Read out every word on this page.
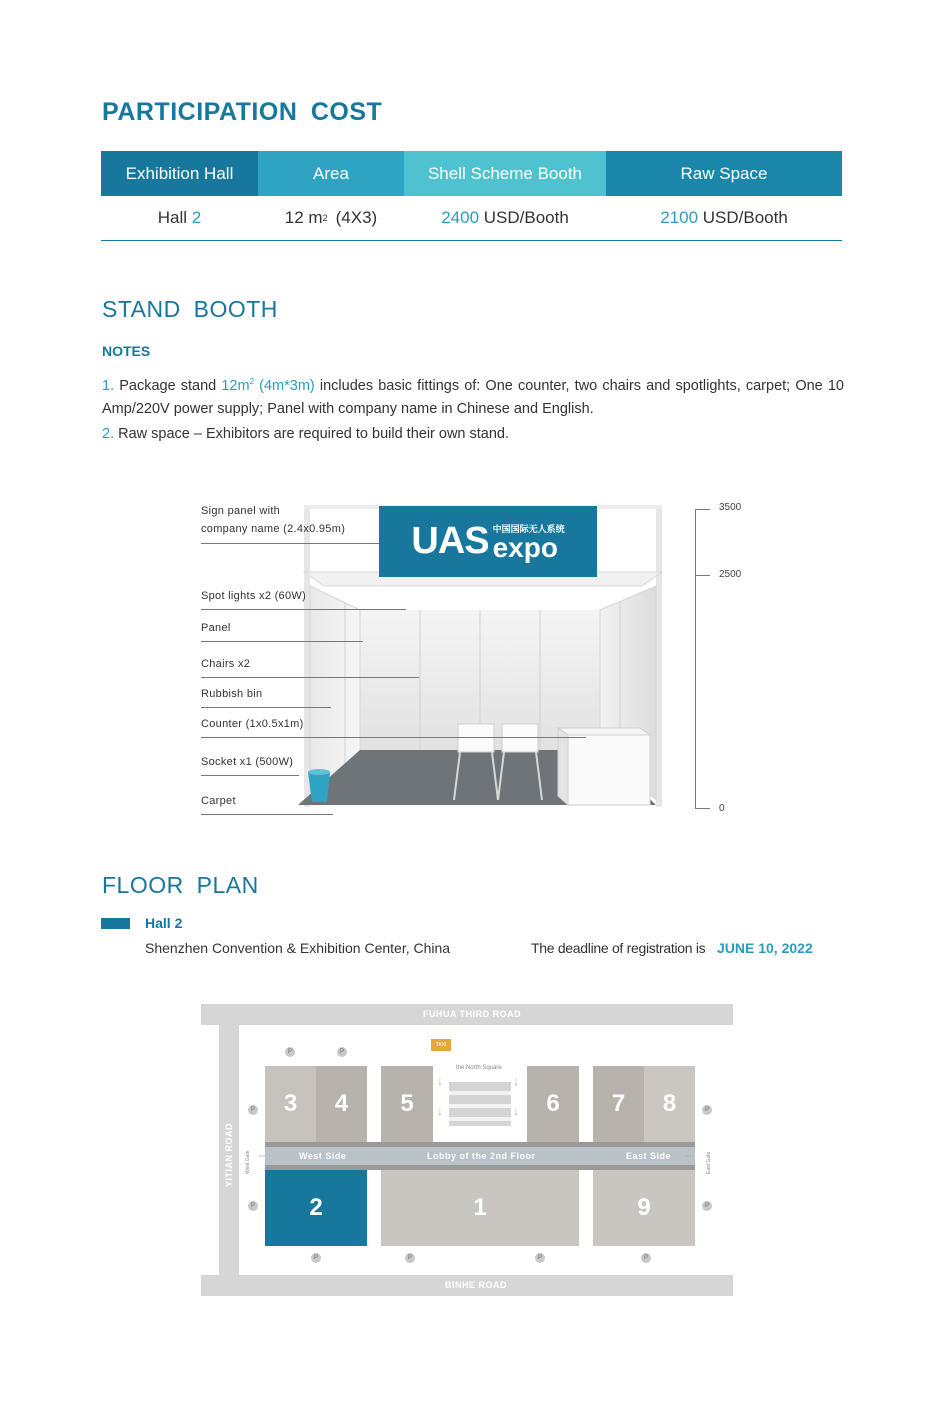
PARTICIPATION COST
Exhibition Hall	Area	Shell Scheme Booth	Raw Space
Hall 2	12 m 2 (4X3)	2400 USD/Booth	2100 USD/Booth
STAND BOOTH
NOTES
1. Package stand $12m^2$ (4m*3m) includes basic fittings of: One counter, two chairs and spotlights, carpet; One 10 Amp/220V power supply; Panel with company name in Chinese and English.
2. Raw space – Exhibitors are required to build their own stand.
UAS 中国国际无人系统
expo
Sign panel with
company name (2.4x0.95m)
Spot lights x2 (60W)
Panel
Chairs x2
Rubbish bin
Counter (1x0.5x1m)
Socket x1 (500W)
Carpet
3500
2500
0
FLOOR PLAN
Hall 2
Shenzhen Convention & Exhibition Center, China	The deadline of registration is JUNE 10, 2022
FUHUA THIRD ROAD
BINHE ROAD
YITIAN ROAD
3	4	5	6	7	8
the North Square
TAXI
↓	↓
↓	↓
West Side	Lobby of the 2nd Floor	East Side
West Gate	East Gate
⇔	⇔
2	1	9
P	P
P
P
P
P
P	P	P	P
